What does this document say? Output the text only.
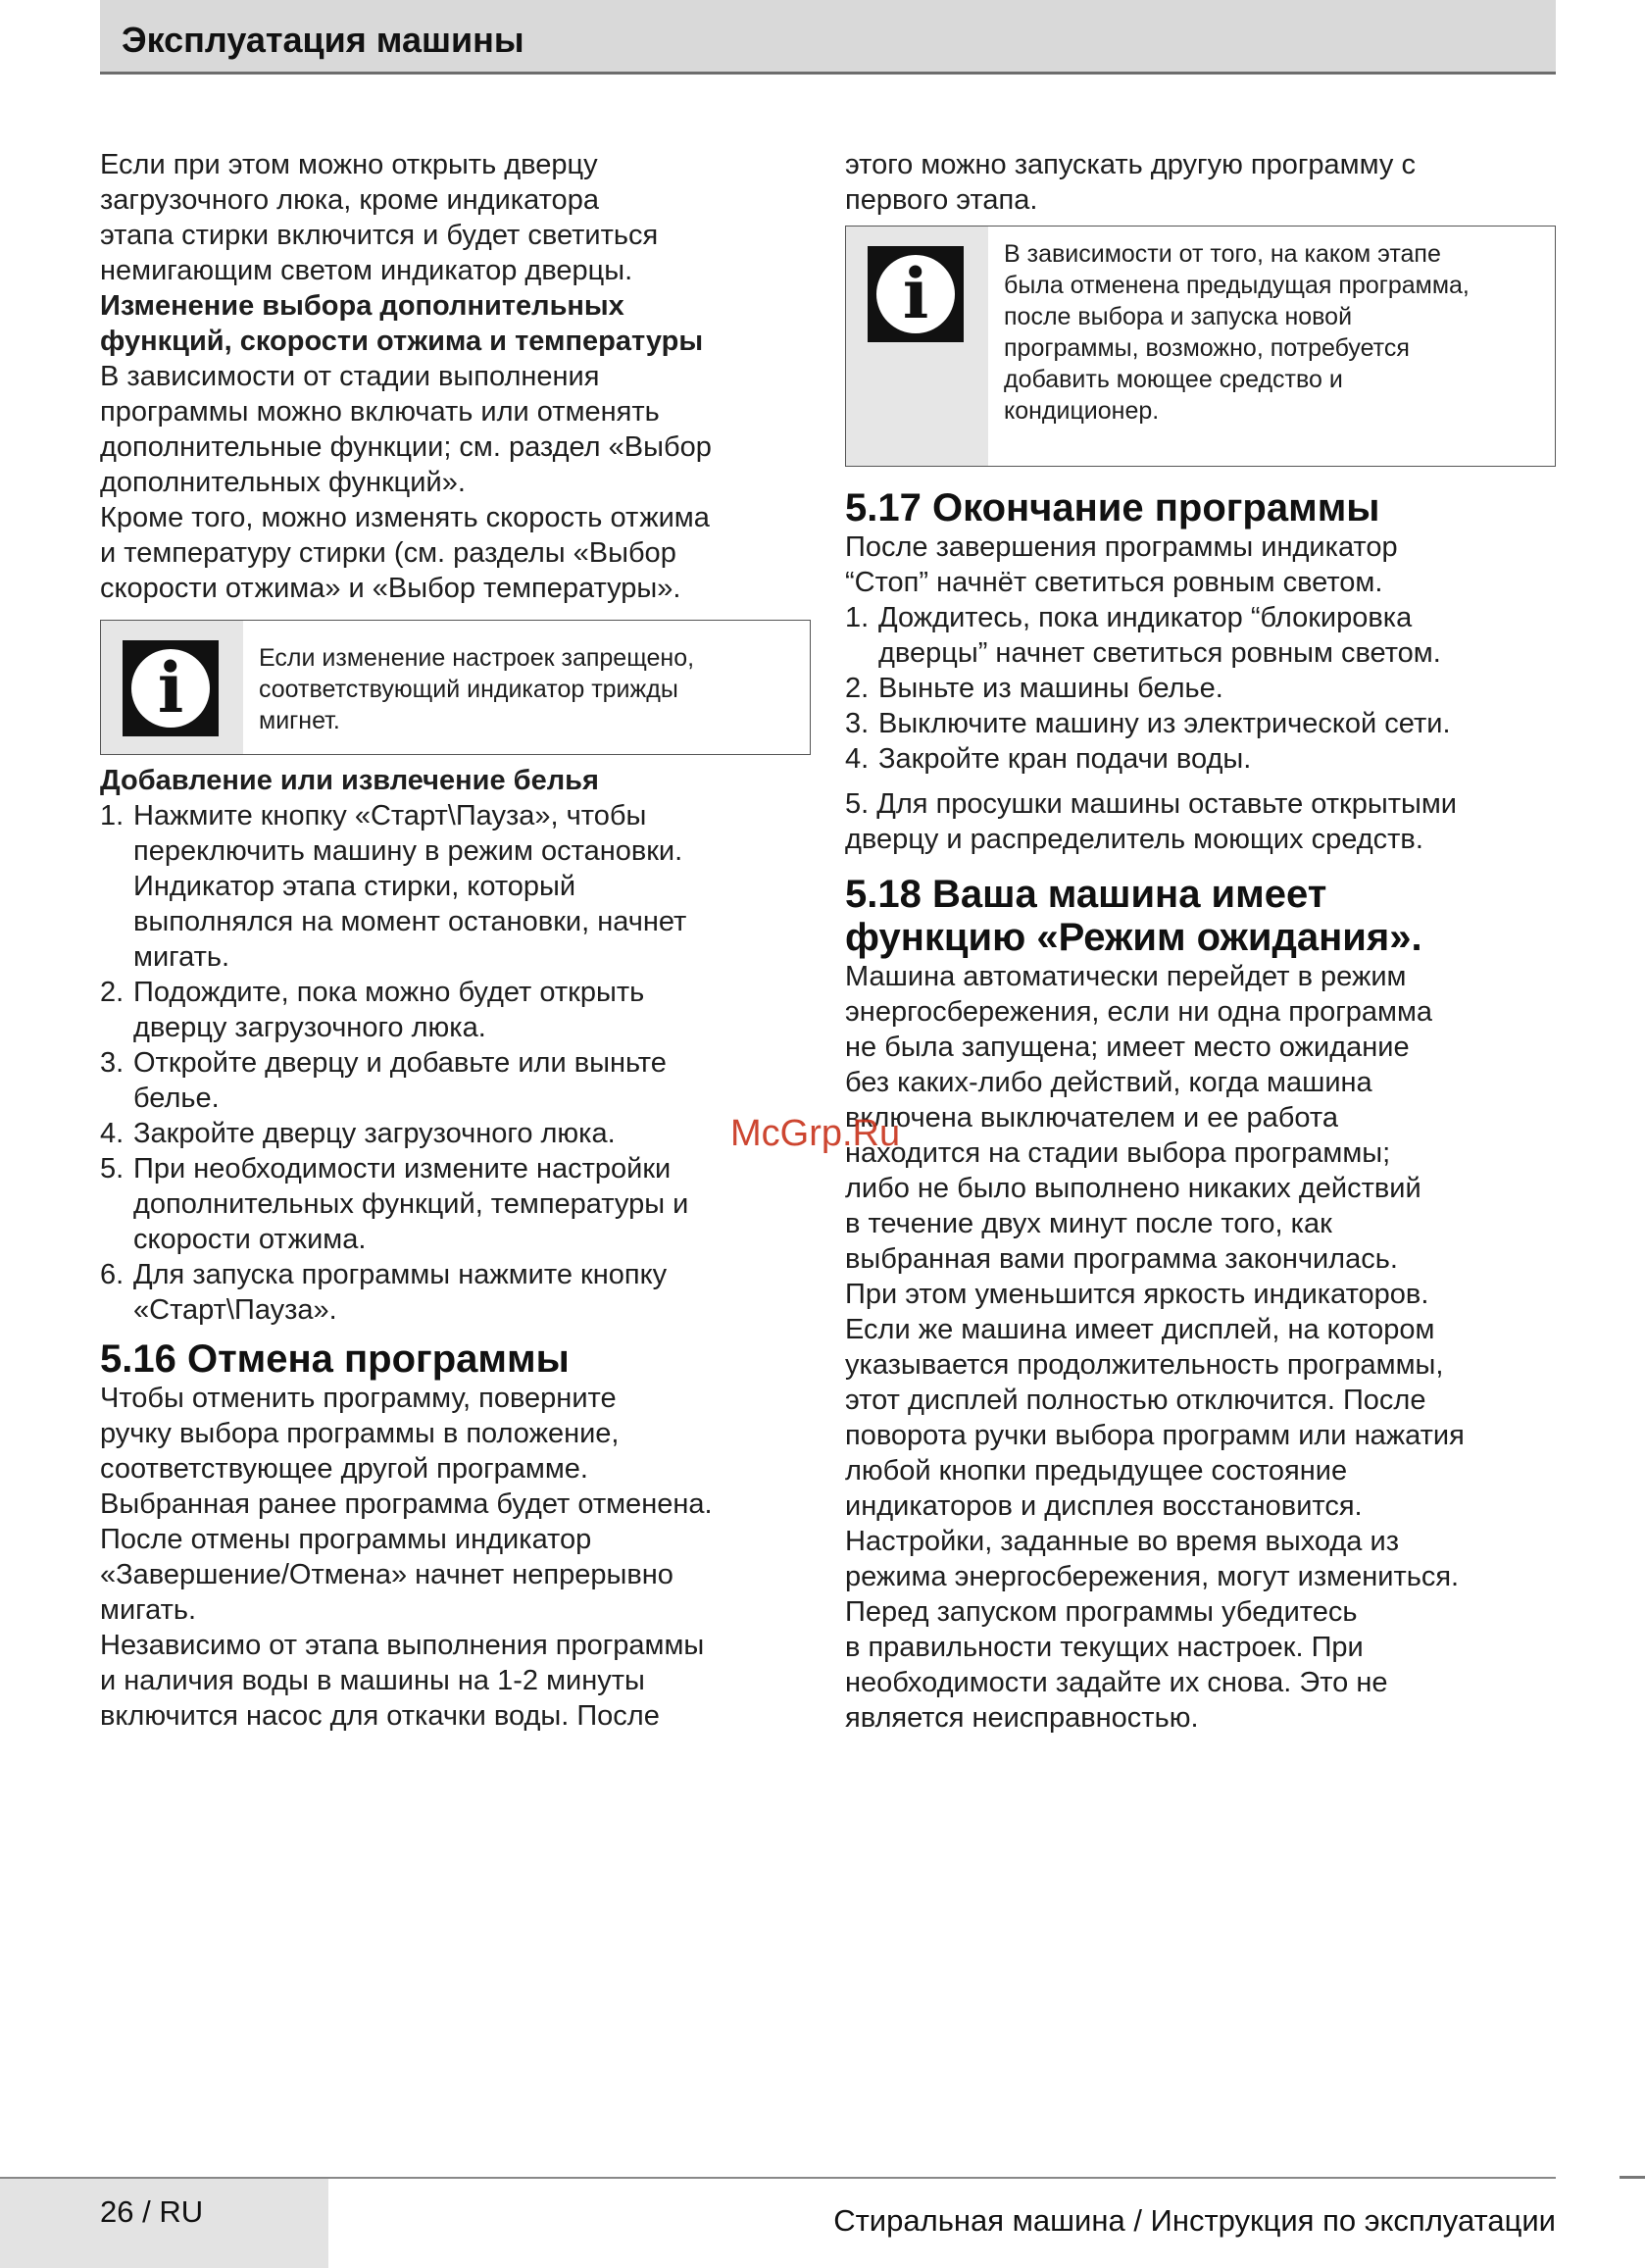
Эксплуатация машины

Если при этом можно открыть дверцу
загрузочного люка, кроме индикатора
этапа стирки включится и будет светиться
немигающим светом индикатор дверцы.

Изменение выбора дополнительных
функций, скорости отжима и температуры

В зависимости от стадии выполнения
программы можно включать или отменять
дополнительные функции; см. раздел «Выбор
дополнительных функций».

Кроме того, можно изменять скорость отжима
и температуру стирки (см. разделы «Выбор
скорости отжима» и «Выбор температуры».

i	Если изменение настроек запрещено,
соответствующий индикатор трижды
мигнет.

Добавление или извлечение белья

1. Нажмите кнопку «Старт\Пауза», чтобы
переключить машину в режим остановки.
Индикатор этапа стирки, который
выполнялся на момент остановки, начнет
мигать.
2. Подождите, пока можно будет открыть
дверцу загрузочного люка.
3. Откройте дверцу и добавьте или выньте
белье.
4. Закройте дверцу загрузочного люка.
5. При необходимости измените настройки
дополнительных функций, температуры и
скорости отжима.
6. Для запуска программы нажмите кнопку
«Старт\Пауза».
5.16 Отмена программы

Чтобы отменить программу, поверните
ручку выбора программы в положение,
соответствующее другой программе.
Выбранная ранее программа будет отменена.
После отмены программы индикатор
«Завершение/Отмена» начнет непрерывно
мигать.
Независимо от этапа выполнения программы
и наличия воды в машины на 1-2 минуты
включится насос для откачки воды. После

этого можно запускать другую программу с
первого этапа.

i	В зависимости от того, на каком этапе
была отменена предыдущая программа,
после выбора и запуска новой
программы, возможно, потребуется
добавить моющее средство и
кондиционер.
5.17 Окончание программы

После завершения программы индикатор
“Стоп” начнёт светиться ровным светом.

1. Дождитесь, пока индикатор “блокировка
дверцы” начнет светиться ровным светом.
2. Выньте из машины белье.
3. Выключите машину из электрической сети.
4. Закройте кран подачи воды.

5. Для просушки машины оставьте открытыми
дверцу и распределитель моющих средств.

5.18 Ваша машина имеет
функцию «Режим ожидания».

Машина автоматически перейдет в режим
энергосбережения, если ни одна программа
не была запущена; имеет место ожидание
без каких-либо действий, когда машина
включена выключателем и ее работа
находится на стадии выбора программы;
либо не было выполнено никаких действий
в течение двух минут после того, как
выбранная вами программа закончилась.
При этом уменьшится яркость индикаторов.
Если же машина имеет дисплей, на котором
указывается продолжительность программы,
этот дисплей полностью отключится. После
поворота ручки выбора программ или нажатия
любой кнопки предыдущее состояние
индикаторов и дисплея восстановится.
Настройки, заданные во время выхода из
режима энергосбережения, могут измениться.
Перед запуском программы убедитесь
в правильности текущих настроек. При
необходимости задайте их снова. Это не
является неисправностью.

McGrp.Ru
26 / RU	Стиральная машина / Инструкция по эксплуатации
